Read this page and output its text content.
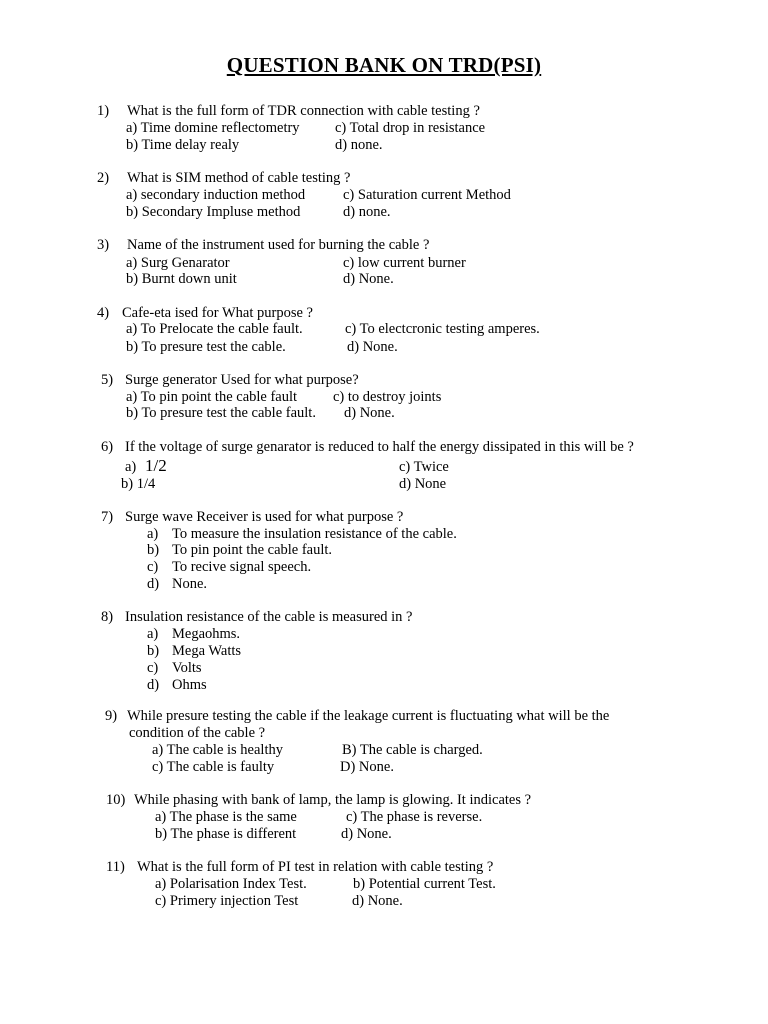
QUESTION BANK ON TRD(PSI)
1) What is the full form of TDR connection with cable testing ?
a) Time domine reflectometry c) Total drop in resistance
b) Time delay realy	d) none.
2) What is SIM method of cable testing ?
a) secondary induction method	c) Saturation current Method
b) Secondary Impluse method	d) none.
3) Name of the instrument used for burning the cable ?
a) Surg Genarator	c) low current burner
b) Burnt down unit	d) None.
4) Cafe-eta ised for What purpose ?
a) To Prelocate the cable fault.	c) To electcronic testing amperes.
b) To presure test the cable.	d) None.
5) Surge generator Used for what purpose?
a) To pin point the cable fault c) to destroy joints
b) To presure test the cable fault. d) None.
6) If the voltage of surge genarator is reduced to half the energy dissipated in this will be ?
a) 1/2	c) Twice
b) 1/4	d) None
7) Surge wave Receiver is used for what purpose ?
a) To measure the insulation resistance of the cable.
b) To pin point the cable fault.
c) To recive signal speech.
d) None.
8) Insulation resistance of the cable is measured in ?
a) Megaohms.
b) Mega Watts
c) Volts
d) Ohms
9) While presure testing the cable if the leakage current is fluctuating what will be the
condition of the cable ?
a) The cable is healthy	B) The cable is charged.
c) The cable is faulty	D) None.
10) While phasing with bank of lamp, the lamp is glowing. It indicates ?
a) The phase is the same	c) The phase is reverse.
b) The phase is different	d) None.
11) What is the full form of PI test in relation with cable testing ?
a) Polarisation Index Test.	b) Potential current Test.
c) Primery injection Test	d) None.
